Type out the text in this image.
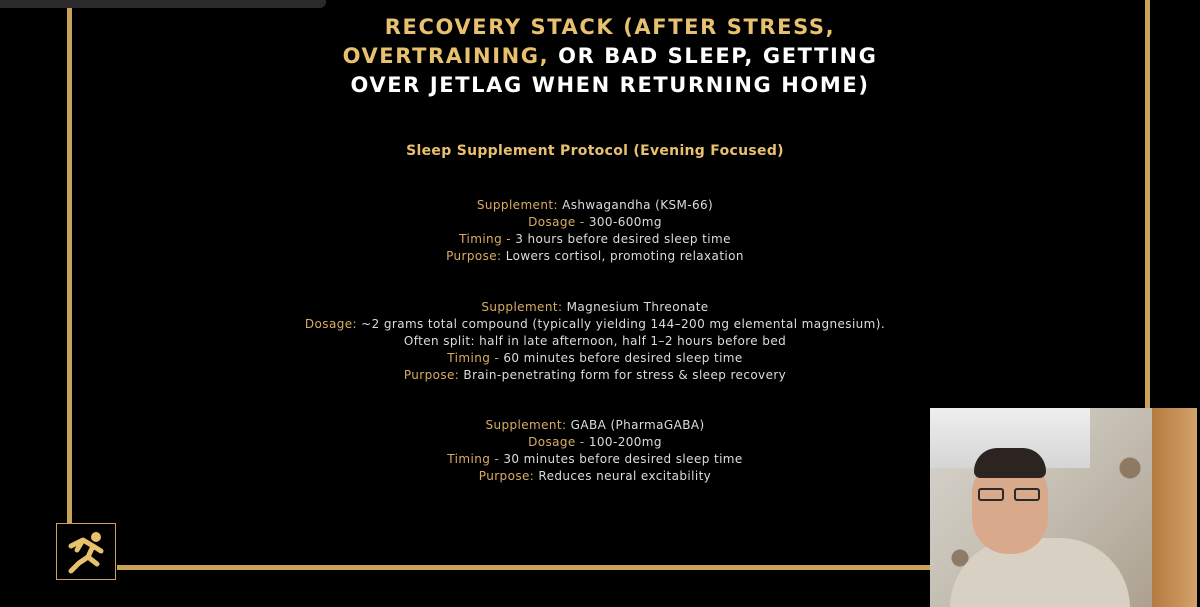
RECOVERY STACK (AFTER STRESS,
OVERTRAINING, OR BAD SLEEP, GETTING
OVER JETLAG WHEN RETURNING HOME)
Sleep Supplement Protocol (Evening Focused)
Supplement: Ashwagandha (KSM-66)
Dosage - 300-600mg
Timing - 3 hours before desired sleep time
Purpose: Lowers cortisol, promoting relaxation
Supplement: Magnesium Threonate
Dosage: ~2 grams total compound (typically yielding 144–200 mg elemental magnesium).
Often split: half in late afternoon, half 1–2 hours before bed
Timing - 60 minutes before desired sleep time
Purpose: Brain-penetrating form for stress & sleep recovery
Supplement: GABA (PharmaGABA)
Dosage - 100-200mg
Timing - 30 minutes before desired sleep time
Purpose: Reduces neural excitability
